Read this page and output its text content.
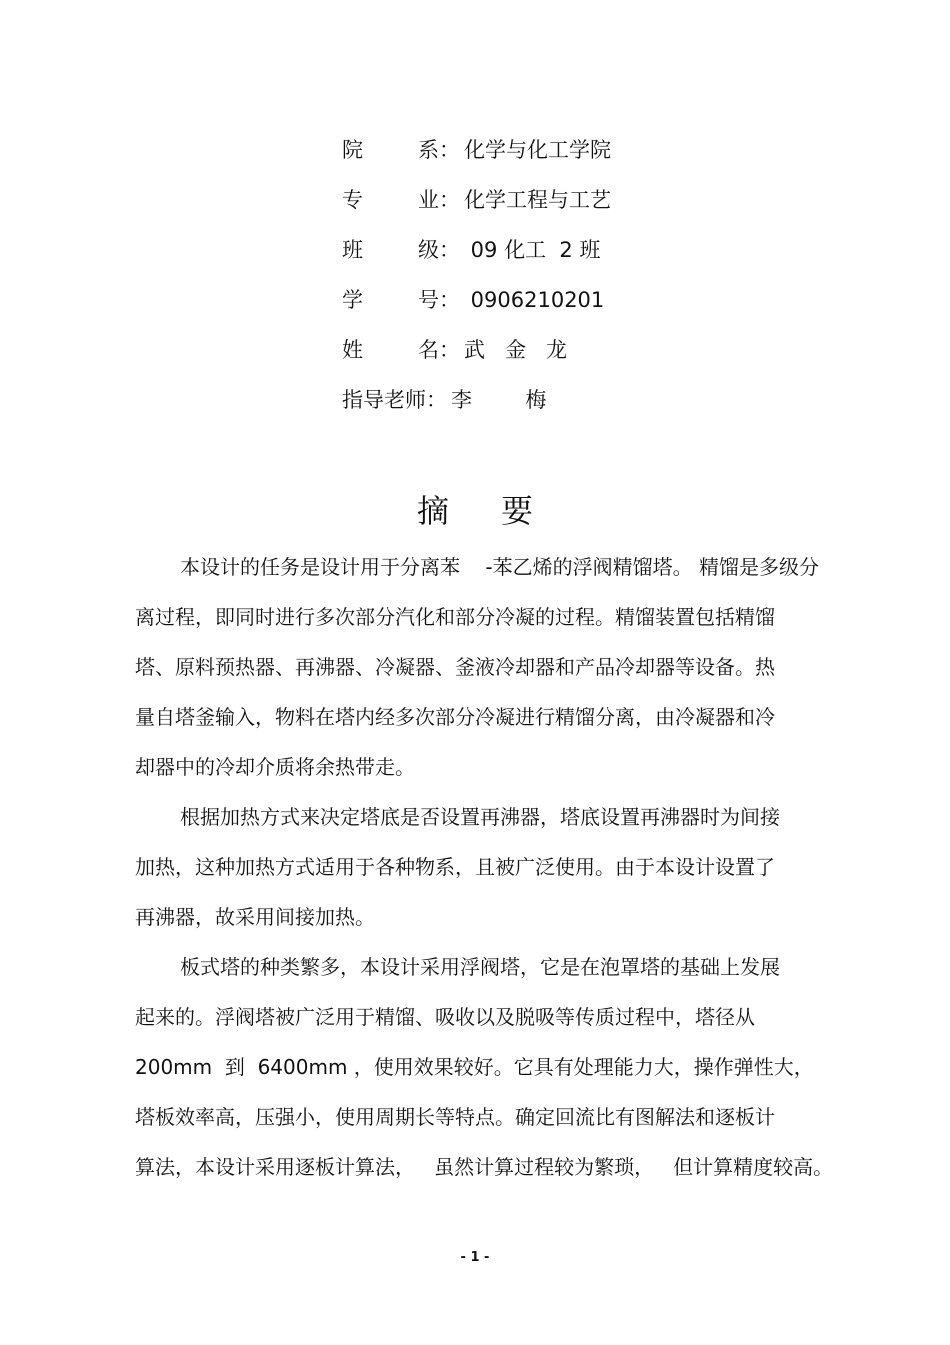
院	系： 化学与化工学院
专	业： 化学工程与工艺
班	级： 09 化工  2 班
学	号： 0906210201
姓	名： 武   金   龙
指导老师： 李        梅
摘要
本设计的任务是设计用于分离苯    -苯乙烯的浮阀精馏塔。 精馏是多级分
离过程，即同时进行多次部分汽化和部分冷凝的过程。精馏装置包括精馏
塔、原料预热器、再沸器、冷凝器、釜液冷却器和产品冷却器等设备。热
量自塔釜输入，物料在塔内经多次部分冷凝进行精馏分离，由冷凝器和冷
却器中的冷却介质将余热带走。
根据加热方式来决定塔底是否设置再沸器，塔底设置再沸器时为间接
加热，这种加热方式适用于各种物系，且被广泛使用。由于本设计设置了
再沸器，故采用间接加热。
板式塔的种类繁多，本设计采用浮阀塔，它是在泡罩塔的基础上发展
起来的。浮阀塔被广泛用于精馏、吸收以及脱吸等传质过程中，塔径从
200mm  到  6400mm ，使用效果较好。它具有处理能力大，操作弹性大，
塔板效率高，压强小，使用周期长等特点。确定回流比有图解法和逐板计
算法，本设计采用逐板计算法，   虽然计算过程较为繁琐，   但计算精度较高。
- 1 -
